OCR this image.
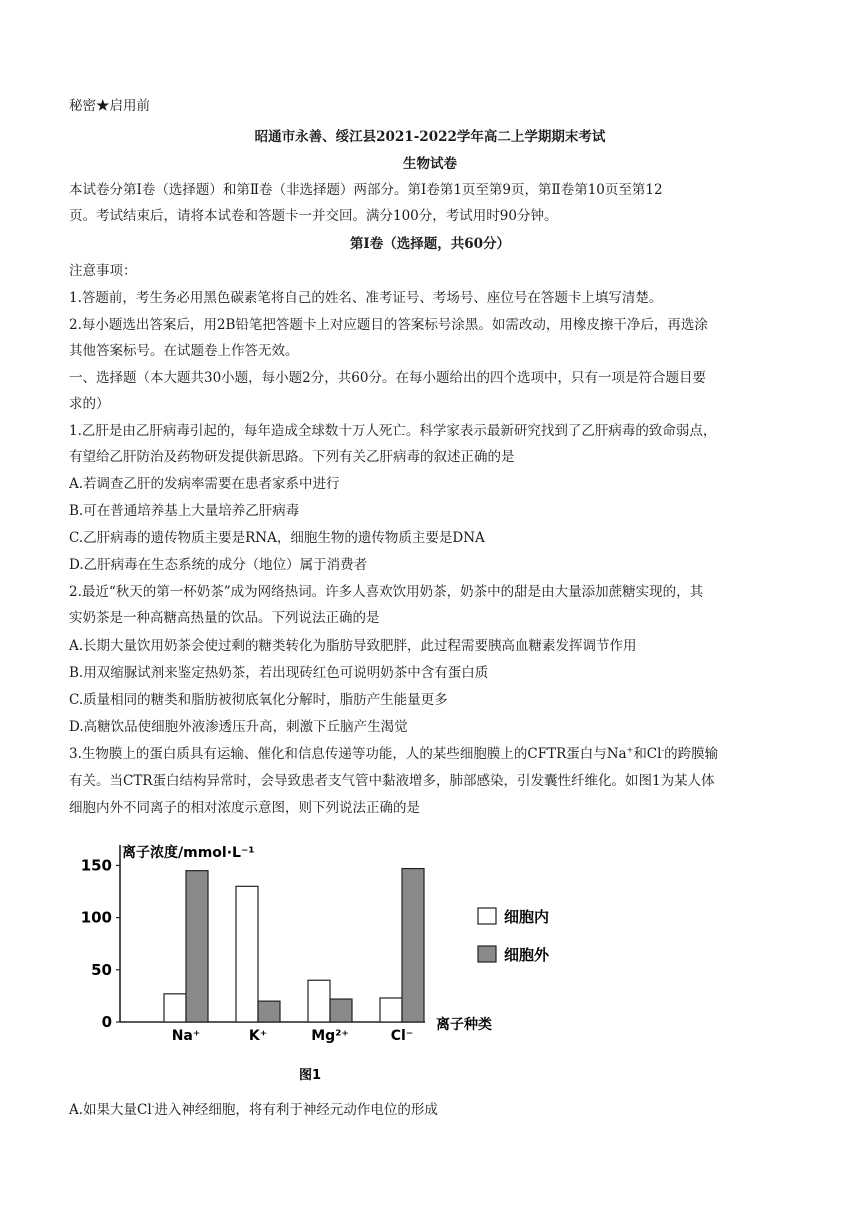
秘密★启用前
昭通市永善、绥江县2021-2022学年高二上学期期末考试
生物试卷
本试卷分第Ⅰ卷（选择题）和第Ⅱ卷（非选择题）两部分。第Ⅰ卷第1页至第9页，第Ⅱ卷第10页至第12
页。考试结束后，请将本试卷和答题卡一并交回。满分100分，考试用时90分钟。
第Ⅰ卷（选择题，共60分）
注意事项：
1.答题前，考生务必用黑色碳素笔将自己的姓名、准考证号、考场号、座位号在答题卡上填写清楚。
2.每小题选出答案后，用2B铅笔把答题卡上对应题目的答案标号涂黑。如需改动，用橡皮擦干净后，再选涂
其他答案标号。在试题卷上作答无效。
一、选择题（本大题共30小题，每小题2分，共60分。在每小题给出的四个选项中，只有一项是符合题目要
求的）
1.乙肝是由乙肝病毒引起的，每年造成全球数十万人死亡。科学家表示最新研究找到了乙肝病毒的致命弱点，
有望给乙肝防治及药物研发提供新思路。下列有关乙肝病毒的叙述正确的是
A.若调查乙肝的发病率需要在患者家系中进行
B.可在普通培养基上大量培养乙肝病毒
C.乙肝病毒的遗传物质主要是RNA，细胞生物的遗传物质主要是DNA
D.乙肝病毒在生态系统的成分（地位）属于消费者
2.最近“秋天的第一杯奶茶”成为网络热词。许多人喜欢饮用奶茶，奶茶中的甜是由大量添加蔗糖实现的，其
实奶茶是一种高糖高热量的饮品。下列说法正确的是
A.长期大量饮用奶茶会使过剩的糖类转化为脂肪导致肥胖，此过程需要胰高血糖素发挥调节作用
B.用双缩脲试剂来鉴定热奶茶，若出现砖红色可说明奶茶中含有蛋白质
C.质量相同的糖类和脂肪被彻底氧化分解时，脂肪产生能量更多
D.高糖饮品使细胞外液渗透压升高，刺激下丘脑产生渴觉
3.生物膜上的蛋白质具有运输、催化和信息传递等功能，人的某些细胞膜上的CFTR蛋白与Na+和Cl-的跨膜输
有关。当CTR蛋白结构异常时，会导致患者支气管中黏液增多，肺部感染，引发囊性纤维化。如图1为某人体
细胞内外不同离子的相对浓度示意图，则下列说法正确的是
0
50
100
150
Na⁺	K⁺	Mg²⁺	Cl⁻
离子浓度/mmol·L⁻¹
离子种类
图1
细胞内
细胞外
A.如果大量Cl-进入神经细胞，将有利于神经元动作电位的形成
